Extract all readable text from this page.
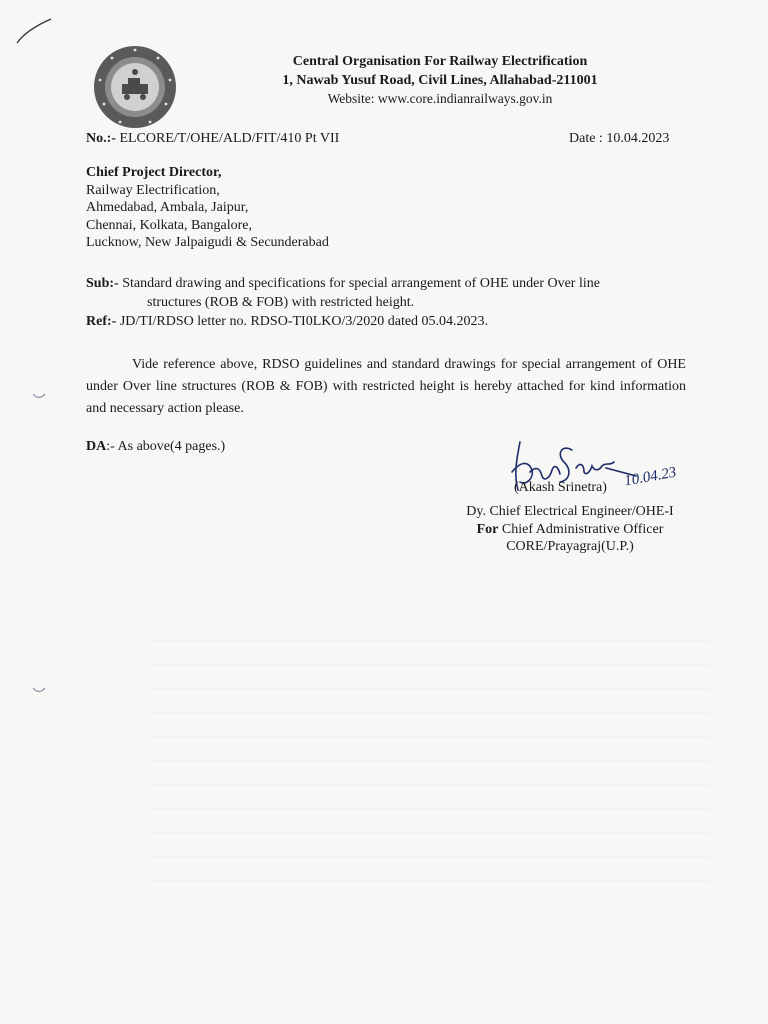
Central Organisation For Railway Electrification
1, Nawab Yusuf Road, Civil Lines, Allahabad-211001
Website: www.core.indianrailways.gov.in
No.:- ELCORE/T/OHE/ALD/FIT/410 Pt VII	Date : 10.04.2023
Chief Project Director,
Railway Electrification,
Ahmedabad, Ambala, Jaipur,
Chennai, Kolkata, Bangalore,
Lucknow, New Jalpaigudi & Secunderabad
Sub:- Standard drawing and specifications for special arrangement of OHE under Over line
structures (ROB & FOB) with restricted height.
Ref:- JD/TI/RDSO letter no. RDSO-TI0LKO/3/2020 dated 05.04.2023.
Vide reference above, RDSO guidelines and standard drawings for special arrangement of OHE under Over line structures (ROB & FOB) with restricted height is hereby attached for kind information and necessary action please.
DA:- As above(4 pages.)
10.04.23
(Akash Srinetra)
Dy. Chief Electrical Engineer/OHE-I
For Chief Administrative Officer
CORE/Prayagraj(U.P.)
